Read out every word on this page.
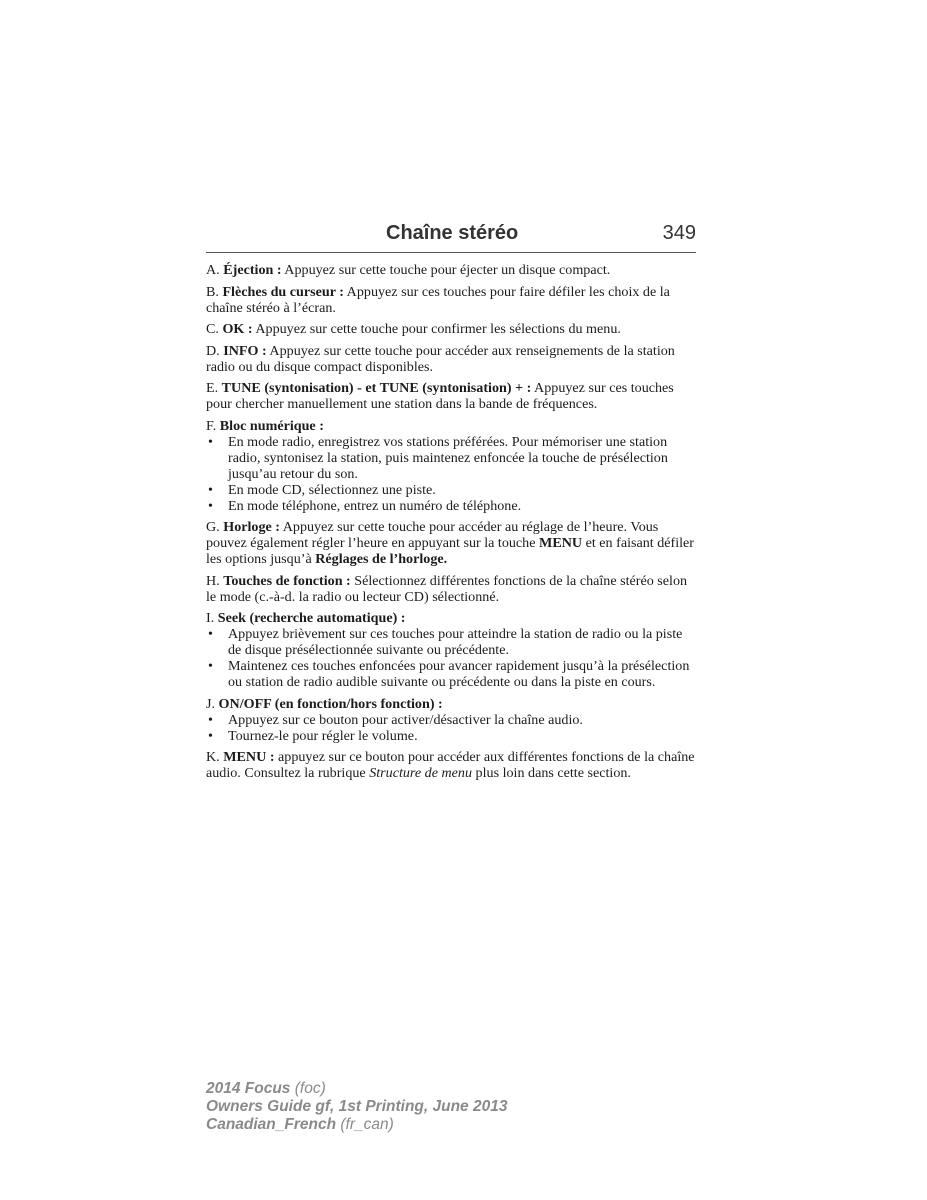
Chaîne stéréo	349

A. Éjection : Appuyez sur cette touche pour éjecter un disque compact.

B. Flèches du curseur : Appuyez sur ces touches pour faire défiler les choix de la chaîne stéréo à l’écran.

C. OK : Appuyez sur cette touche pour confirmer les sélections du menu.

D. INFO : Appuyez sur cette touche pour accéder aux renseignements de la station radio ou du disque compact disponibles.

E. TUNE (syntonisation) - et TUNE (syntonisation) + : Appuyez sur ces touches pour chercher manuellement une station dans la bande de fréquences.

F. Bloc numérique :

•	En mode radio, enregistrez vos stations préférées. Pour mémoriser une station radio, syntonisez la station, puis maintenez enfoncée la touche de présélection jusqu’au retour du son.
•	En mode CD, sélectionnez une piste.
•	En mode téléphone, entrez un numéro de téléphone.

G. Horloge : Appuyez sur cette touche pour accéder au réglage de l’heure. Vous pouvez également régler l’heure en appuyant sur la touche MENU et en faisant défiler les options jusqu’à Réglages de l’horloge.

H. Touches de fonction : Sélectionnez différentes fonctions de la chaîne stéréo selon le mode (c.-à-d. la radio ou lecteur CD) sélectionné.

I. Seek (recherche automatique) :

•	Appuyez brièvement sur ces touches pour atteindre la station de radio ou la piste de disque présélectionnée suivante ou précédente.
•	Maintenez ces touches enfoncées pour avancer rapidement jusqu’à la présélection ou station de radio audible suivante ou précédente ou dans la piste en cours.

J. ON/OFF (en fonction/hors fonction) :

•	Appuyez sur ce bouton pour activer/désactiver la chaîne audio.
•	Tournez-le pour régler le volume.

K. MENU : appuyez sur ce bouton pour accéder aux différentes fonctions de la chaîne audio. Consultez la rubrique Structure de menu plus loin dans cette section.

2014 Focus (foc)
Owners Guide gf, 1st Printing, June 2013
Canadian_French (fr_can)
